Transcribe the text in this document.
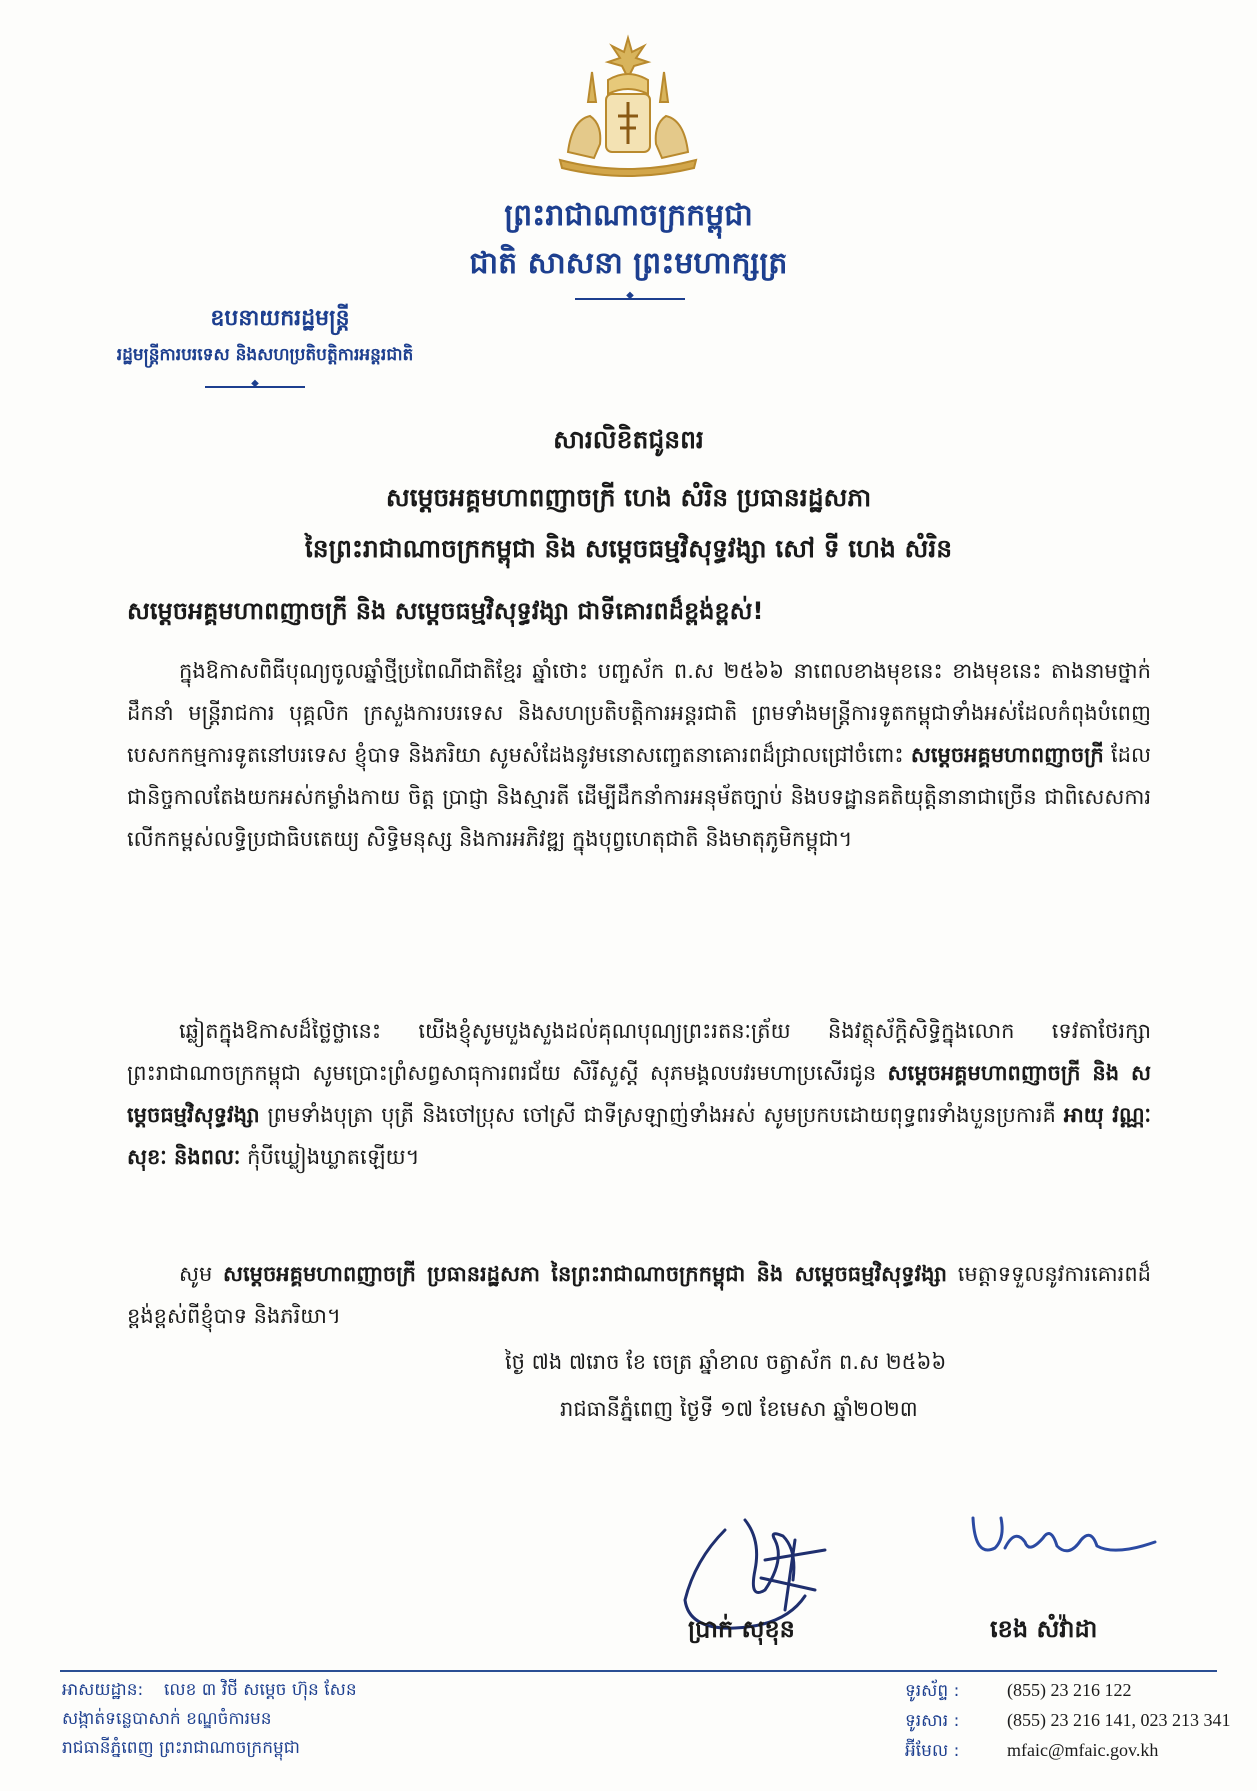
ព្រះរាជាណាចក្រកម្ពុជា
ជាតិ សាសនា ព្រះមហាក្សត្រ
◆
ឧបនាយករដ្ឋមន្ត្រី
រដ្ឋមន្ត្រីការបរទេស និងសហប្រតិបត្តិការអន្តរជាតិ
◆
សារលិខិតជូនពរ
សម្តេចអគ្គមហាពញាចក្រី ហេង សំរិន ប្រធានរដ្ឋសភា
នៃព្រះរាជាណាចក្រកម្ពុជា និង សម្តេចធម្មវិសុទ្ធវង្សា សៅ ទី ហេង សំរិន
សម្តេចអគ្គមហាពញាចក្រី និង សម្តេចធម្មវិសុទ្ធវង្សា ជាទីគោរពដ៏ខ្ពង់ខ្ពស់!
ក្នុងឱកាសពិធីបុណ្យចូលឆ្នាំថ្មីប្រពៃណីជាតិខ្មែរ ឆ្នាំថោះ បញ្ចស័ក ព.ស ២៥៦៦ នាពេលខាងមុខនេះ ខាងមុខនេះ តាងនាមថ្នាក់ដឹកនាំ មន្ត្រីរាជការ បុគ្គលិក ក្រសួងការបរទេស និងសហប្រតិបត្តិការអន្តរជាតិ ព្រមទាំងមន្ត្រីការទូតកម្ពុជាទាំងអស់ដែលកំពុងបំពេញបេសកកម្មការទូតនៅបរទេស ខ្ញុំបាទ និងភរិយា សូមសំដែងនូវមនោសញ្ចេតនាគោរពដ៏ជ្រាលជ្រៅចំពោះ សម្តេចអគ្គមហាពញាចក្រី ដែលជានិច្ចកាលតែងយកអស់កម្លាំងកាយ ចិត្ត ប្រាជ្ញា និងស្មារតី ដើម្បីដឹកនាំការអនុម័តច្បាប់ និងបទដ្ឋានគតិយុត្តិនានាជាច្រើន ជាពិសេសការលើកកម្ពស់លទ្ធិប្រជាធិបតេយ្យ សិទ្ធិមនុស្ស និងការអភិវឌ្ឍ ក្នុងបុព្វហេតុជាតិ និងមាតុភូមិកម្ពុជា។
ឆ្លៀតក្នុងឱកាសដ៏ថ្លៃថ្លានេះ យើងខ្ញុំសូមបួងសួងដល់គុណបុណ្យព្រះរតនៈត្រ័យ និងវត្ថុស័ក្តិសិទ្ធិក្នុងលោក ទេវតាថែរក្សាព្រះរាជាណាចក្រកម្ពុជា សូមប្រោះព្រំសព្វសាធុការពរជ័យ សិរីសួស្តី សុភមង្គលបវរមហាប្រសើរជូន សម្តេចអគ្គមហាពញាចក្រី និង សម្តេចធម្មវិសុទ្ធវង្សា ព្រមទាំងបុត្រា បុត្រី និងចៅប្រុស ចៅស្រី ជាទីស្រឡាញ់ទាំងអស់ សូមប្រកបដោយពុទ្ធពរទាំងបួនប្រការគឺ អាយុ វណ្ណៈ សុខៈ និងពលៈ កុំបីឃ្លៀងឃ្លាតឡើយ។
សូម សម្តេចអគ្គមហាពញាចក្រី ប្រធានរដ្ឋសភា នៃព្រះរាជាណាចក្រកម្ពុជា និង សម្តេចធម្មវិសុទ្ធវង្សា មេត្តាទទួលនូវការគោរពដ៏ខ្ពង់ខ្ពស់ពីខ្ញុំបាទ និងភរិយា។
ថ្ងៃ ៧ង ៧រោច ខែ ចេត្រ ឆ្នាំខាល ចត្វាស័ក ព.ស ២៥៦៦
រាជធានីភ្នំពេញ ថ្ងៃទី ១៧ ខែមេសា ឆ្នាំ២០២៣
ប្រាក់ សុខុន	ខេង សំវ៉ាដា
អាសយដ្ឋាន: លេខ ៣ វិថី សម្តេច ហ៊ុន សែន
សង្កាត់ទន្លេបាសាក់ ខណ្ឌចំការមន
រាជធានីភ្នំពេញ ព្រះរាជាណាចក្រកម្ពុជា
ទូរស័ព្ទ :	(855) 23 216 122
ទូរសារ :	(855) 23 216 141, 023 213 341
អ៊ីមែល :	mfaic@mfaic.gov.kh
